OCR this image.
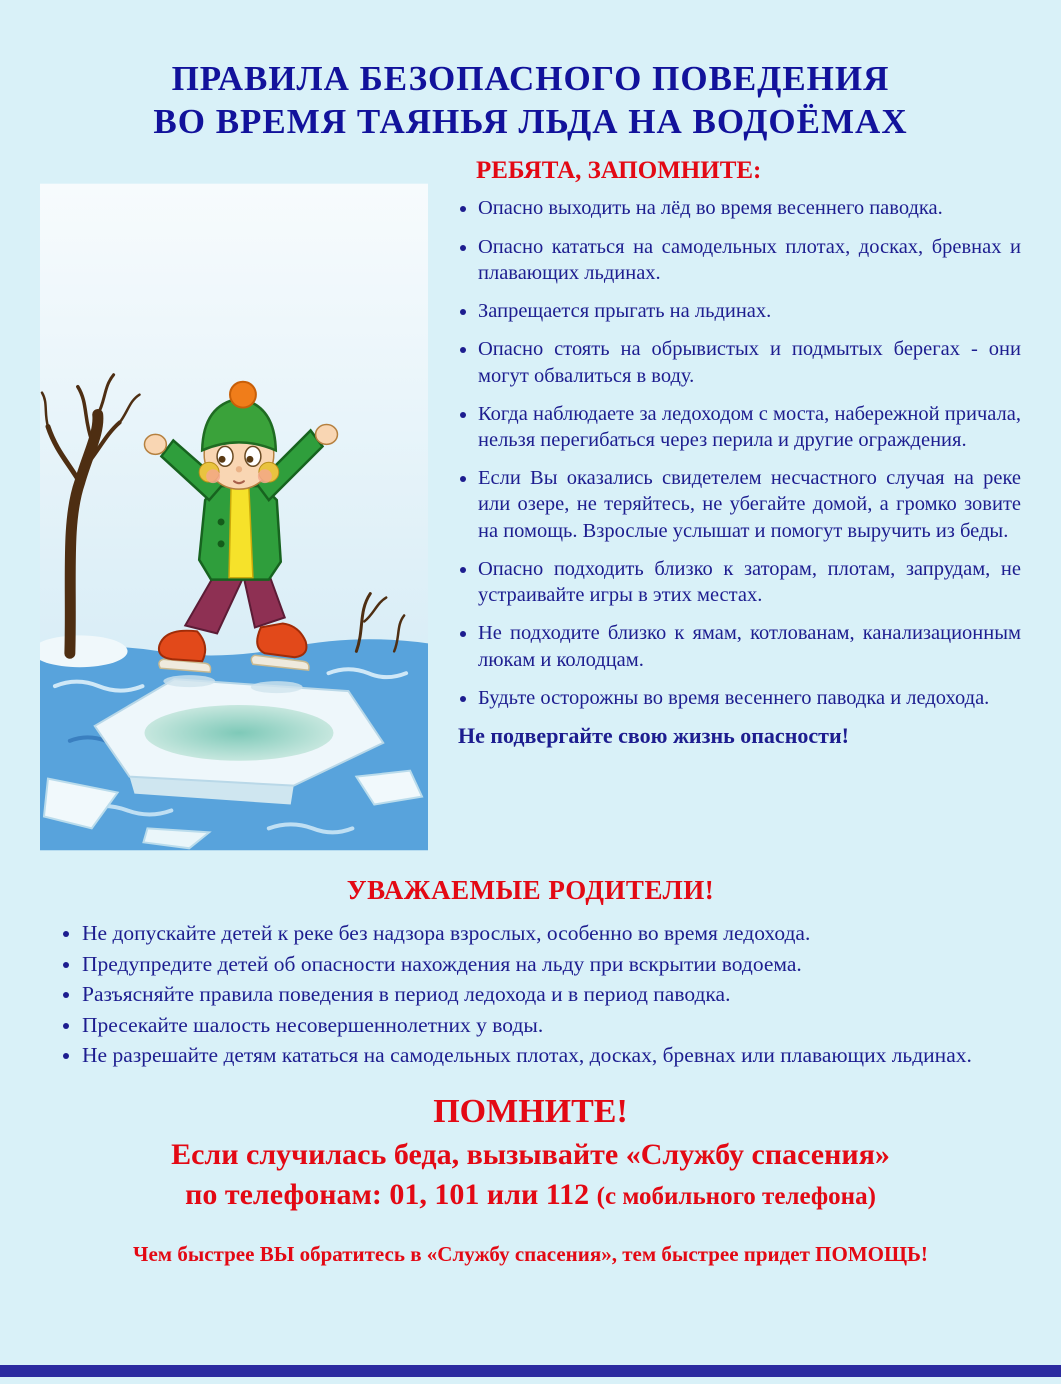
ПРАВИЛА БЕЗОПАСНОГО ПОВЕДЕНИЯ
ВО ВРЕМЯ ТАЯНЬЯ ЛЬДА НА ВОДОЁМАХ
РЕБЯТА, ЗАПОМНИТЕ:
• Опасно выходить на лёд во время весеннего паводка.
• Опасно кататься на самодельных плотах, досках, бревнах и плавающих льдинах.
• Запрещается прыгать на льдинах.
• Опасно стоять на обрывистых и подмытых берегах - они могут обвалиться в воду.
• Когда наблюдаете за ледоходом с моста, набережной причала, нельзя перегибаться через перила и другие ограждения.
• Если Вы оказались свидетелем несчастного случая на реке или озере, не теряйтесь, не убегайте домой, а громко зовите на помощь. Взрослые услышат и помогут выручить из беды.
• Опасно подходить близко к заторам, плотам, запрудам, не устраивайте игры в этих местах.
• Не подходите близко к ямам, котлованам, канализационным люкам и колодцам.
• Будьте осторожны во время весеннего паводка и ледохода.
Не подвергайте свою жизнь опасности!
УВАЖАЕМЫЕ РОДИТЕЛИ!
• Не допускайте детей к реке без надзора взрослых, особенно во время ледохода.
• Предупредите детей об опасности нахождения на льду при вскрытии водоема.
• Разъясняйте правила поведения в период ледохода и в период паводка.
• Пресекайте шалость несовершеннолетних у воды.
• Не разрешайте детям кататься на самодельных плотах, досках, бревнах или плавающих льдинах.
ПОМНИТЕ!
Если случилась беда, вызывайте «Службу спасения»
по телефонам: 01, 101 или 112 (с мобильного телефона)
Чем быстрее ВЫ обратитесь в «Службу спасения», тем быстрее придет ПОМОЩЬ!
